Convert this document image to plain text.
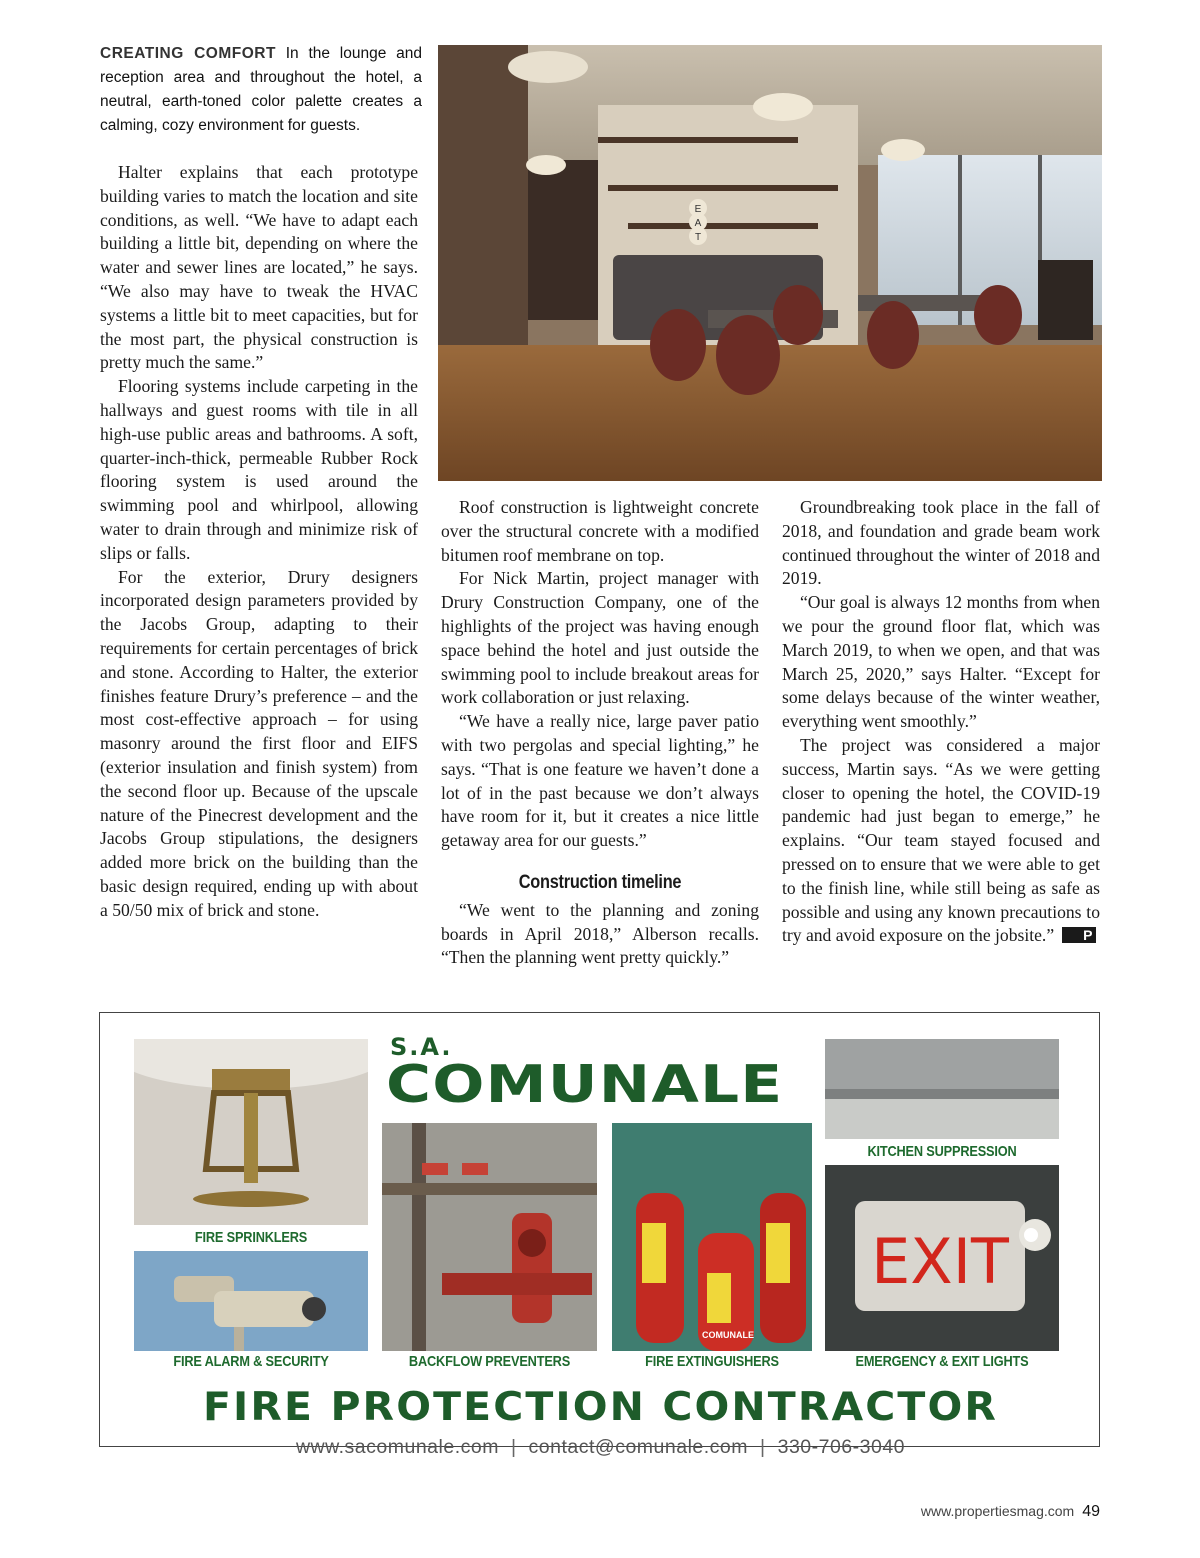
CREATING COMFORT In the lounge and reception area and throughout the hotel, a neutral, earth-toned color palette creates a calming, cozy environment for guests.
E
A
T

Halter explains that each prototype building varies to match the location and site conditions, as well. “We have to adapt each building a little bit, depending on where the water and sewer lines are located,” he says. “We also may have to tweak the HVAC systems a little bit to meet capacities, but for the most part, the physical construction is pretty much the same.”

Flooring systems include carpeting in the hallways and guest rooms with tile in all high-use public areas and bathrooms. A soft, quarter-inch-thick, permeable Rubber Rock flooring system is used around the swimming pool and whirlpool, allowing water to drain through and minimize risk of slips or falls.

For the exterior, Drury designers incorporated design parameters provided by the Jacobs Group, adapting to their requirements for certain percentages of brick and stone. According to Halter, the exterior finishes feature Drury’s preference – and the most cost-effective approach – for using masonry around the first floor and EIFS (exterior insulation and finish system) from the second floor up. Because of the upscale nature of the Pinecrest development and the Jacobs Group stipulations, the designers added more brick on the building than the basic design required, ending up with about a 50/50 mix of brick and stone.

Roof construction is lightweight concrete over the structural concrete with a modified bitumen roof membrane on top.

For Nick Martin, project manager with Drury Construction Company, one of the highlights of the project was having enough space behind the hotel and just outside the swimming pool to include breakout areas for work collaboration or just relaxing.

“We have a really nice, large paver patio with two pergolas and special lighting,” he says. “That is one feature we haven’t done a lot of in the past because we don’t always have room for it, but it creates a nice little getaway area for our guests.”

Construction timeline

“We went to the planning and zoning boards in April 2018,” Alberson recalls. “Then the planning went pretty quickly.”

Groundbreaking took place in the fall of 2018, and foundation and grade beam work continued throughout the winter of 2018 and 2019.

“Our goal is always 12 months from when we pour the ground floor flat, which was March 2019, to when we open, and that was March 25, 2020,” says Halter. “Except for some delays because of the winter weather, everything went smoothly.”

The project was considered a major success, Martin says. “As we were getting closer to opening the hotel, the COVID-19 pandemic had just began to emerge,” he explains. “Our team stayed focused and pressed on to ensure that we were able to get to the finish line, while still being as safe as possible and using any known precautions to try and avoid exposure on the jobsite.” P

FIRE SPRINKLERS
FIRE ALARM & SECURITY
S.A.
COMUNALE
BACKFLOW PREVENTERS
COMUNALE
FIRE EXTINGUISHERS
KITCHEN SUPPRESSION
EXIT
EMERGENCY & EXIT LIGHTS
FIRE PROTECTION CONTRACTOR
www.sacomunale.com | contact@comunale.com | 330-706-3040
www.propertiesmag.com 49
